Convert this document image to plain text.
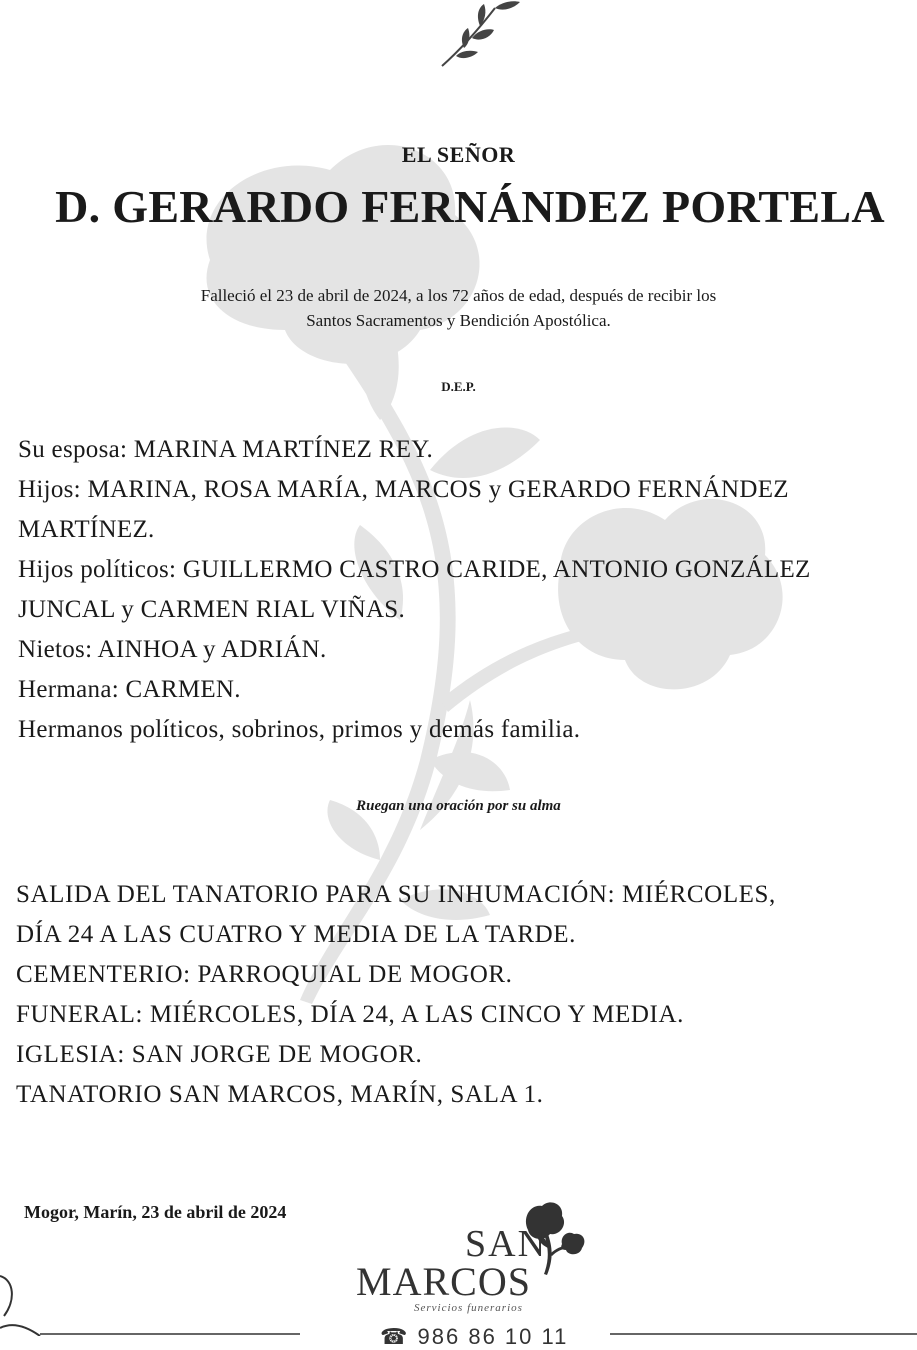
EL SEÑOR
D. GERARDO FERNÁNDEZ PORTELA
Falleció el 23 de abril de 2024, a los 72 años de edad, después de recibir los
Santos Sacramentos y Bendición Apostólica.
D.E.P.
Su esposa: MARINA MARTÍNEZ REY.
Hijos: MARINA, ROSA MARÍA, MARCOS y GERARDO FERNÁNDEZ
MARTÍNEZ.
Hijos políticos: GUILLERMO CASTRO CARIDE, ANTONIO GONZÁLEZ
JUNCAL y CARMEN RIAL VIÑAS.
Nietos: AINHOA y ADRIÁN.
Hermana: CARMEN.
Hermanos políticos, sobrinos, primos y demás familia.
Ruegan una oración por su alma
SALIDA DEL TANATORIO PARA SU INHUMACIÓN: MIÉRCOLES,
DÍA 24 A LAS CUATRO Y MEDIA DE LA TARDE.
CEMENTERIO: PARROQUIAL DE MOGOR.
FUNERAL: MIÉRCOLES, DÍA 24, A LAS CINCO Y MEDIA.
IGLESIA: SAN JORGE DE MOGOR.
TANATORIO SAN MARCOS, MARÍN, SALA 1.
Mogor, Marín, 23 de abril de 2024
SAN
MARCOS
Servicios funerarios
☎ 986 86 10 11
